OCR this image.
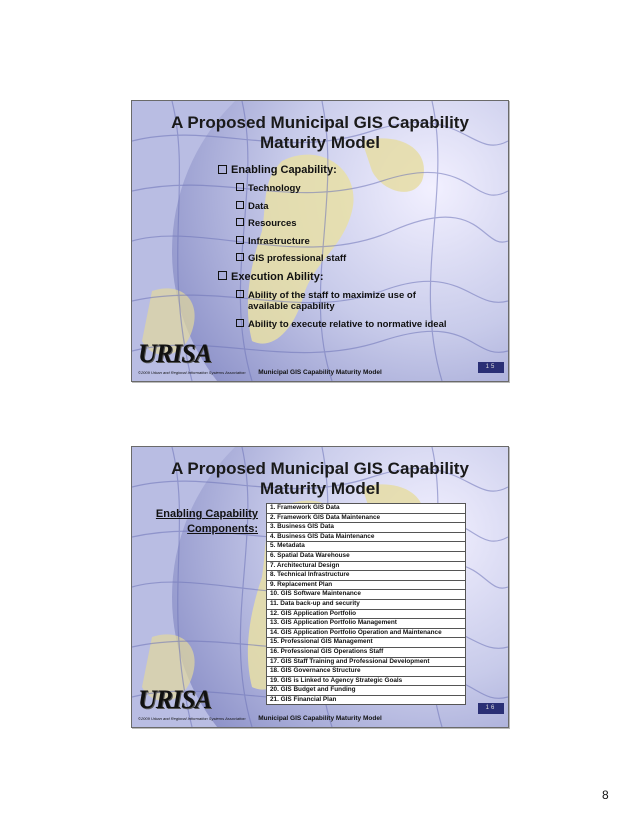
A Proposed Municipal GIS Capability
Maturity Model
Enabling Capability:
Technology
Data
Resources
Infrastructure
GIS professional staff
Execution Ability:
Ability of the staff to maximize use of available capability
Ability to execute relative to normative ideal
URISA
©2009 Urban and Regional Information Systems Association	Municipal GIS Capability Maturity Model
15
A Proposed Municipal GIS Capability
Maturity Model
Enabling Capability
Components:
1. Framework GIS Data
2. Framework GIS Data Maintenance
3. Business GIS Data
4. Business GIS Data Maintenance
5. Metadata
6. Spatial Data Warehouse
7. Architectural Design
8. Technical Infrastructure
9. Replacement Plan
10. GIS Software Maintenance
11. Data back-up and security
12. GIS Application Portfolio
13. GIS Application Portfolio Management
14. GIS Application Portfolio Operation and Maintenance
15. Professional GIS Management
16. Professional GIS Operations Staff
17. GIS Staff Training and Professional Development
18. GIS Governance Structure
19. GIS is Linked to Agency Strategic Goals
20. GIS Budget and Funding
21. GIS Financial Plan
URISA
©2009 Urban and Regional Information Systems Association	Municipal GIS Capability Maturity Model
16
8
